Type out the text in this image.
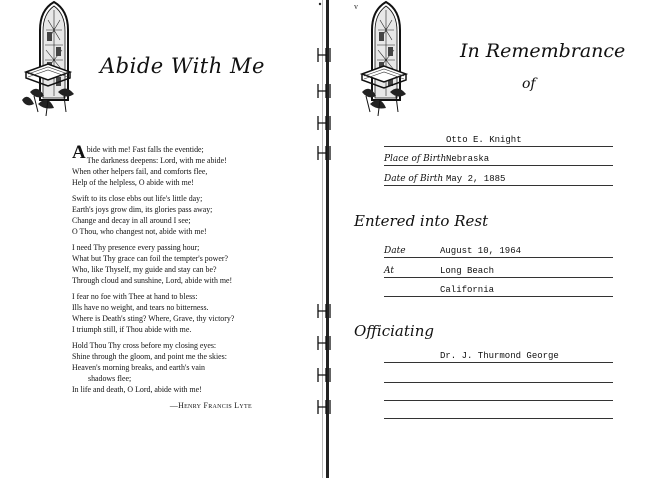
Abide With Me
Abide with me! Fast falls the eventide;
The darkness deepens: Lord, with me abide!
When other helpers fail, and comforts flee,
Help of the helpless, O abide with me!
Swift to its close ebbs out life's little day;
Earth's joys grow dim, its glories pass away;
Change and decay in all around I see;
O Thou, who changest not, abide with me!
I need Thy presence every passing hour;
What but Thy grace can foil the tempter's power?
Who, like Thyself, my guide and stay can be?
Through cloud and sunshine, Lord, abide with me!
I fear no foe with Thee at hand to bless:
Ills have no weight, and tears no bitterness.
Where is Death's sting? Where, Grave, thy victory?
I triumph still, if Thou abide with me.
Hold Thou Thy cross before my closing eyes:
Shine through the gloom, and point me the skies:
Heaven's morning breaks, and earth's vain
shadows flee;
In life and death, O Lord, abide with me!
—Henry Francis Lyte
v
In Remembrance
of
Otto E. Knight
Place of Birth Nebraska
Date of Birth May 2, 1885
Entered into Rest
Date	August 10, 1964
At	Long Beach
California
Officiating
Dr. J. Thurmond George
